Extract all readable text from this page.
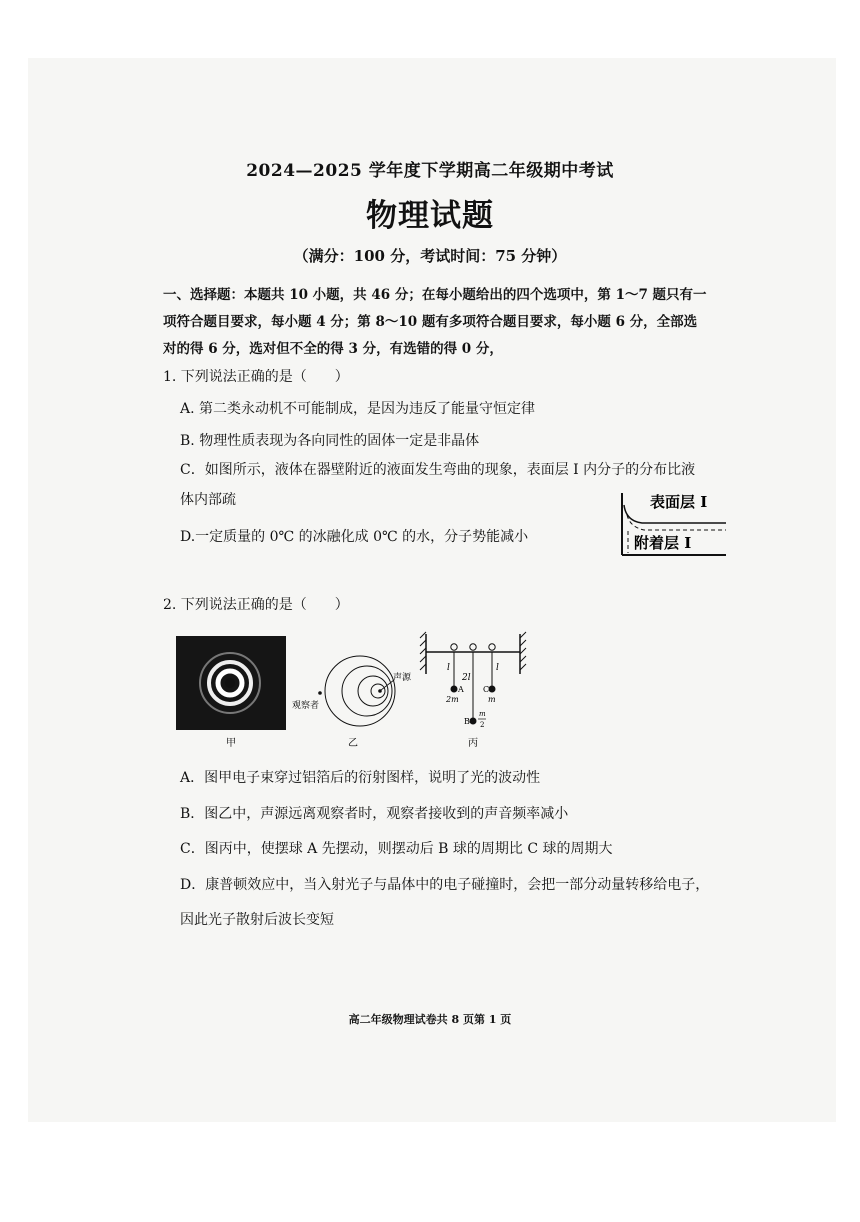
2024—2025 学年度下学期高二年级期中考试
物理试题
（满分：100 分，考试时间：75 分钟）
一、选择题：本题共 10 小题，共 46 分；在每小题给出的四个选项中，第 1～7 题只有一
项符合题目要求，每小题 4 分；第 8～10 题有多项符合题目要求，每小题 6 分，全部选
对的得 6 分，选对但不全的得 3 分，有选错的得 0 分，
1. 下列说法正确的是（　　）
A. 第二类永动机不可能制成，是因为违反了能量守恒定律
B. 物理性质表现为各向同性的固体一定是非晶体
C．如图所示，液体在器壁附近的液面发生弯曲的现象，表面层 I 内分子的分布比液
体内部疏
D.一定质量的 0℃ 的冰融化成 0℃ 的水，分子势能减小
表面层 I
附着层 I
2. 下列说法正确的是（　　）
甲
声源
观察者
乙
l
2l
l
A
2m
B
m
2
C
m
丙
A．图甲电子束穿过铝箔后的衍射图样，说明了光的波动性
B．图乙中，声源远离观察者时，观察者接收到的声音频率减小
C．图丙中，使摆球 A 先摆动，则摆动后 B 球的周期比 C 球的周期大
D．康普顿效应中，当入射光子与晶体中的电子碰撞时，会把一部分动量转移给电子，
因此光子散射后波长变短
高二年级物理试卷共 8 页第 1 页
